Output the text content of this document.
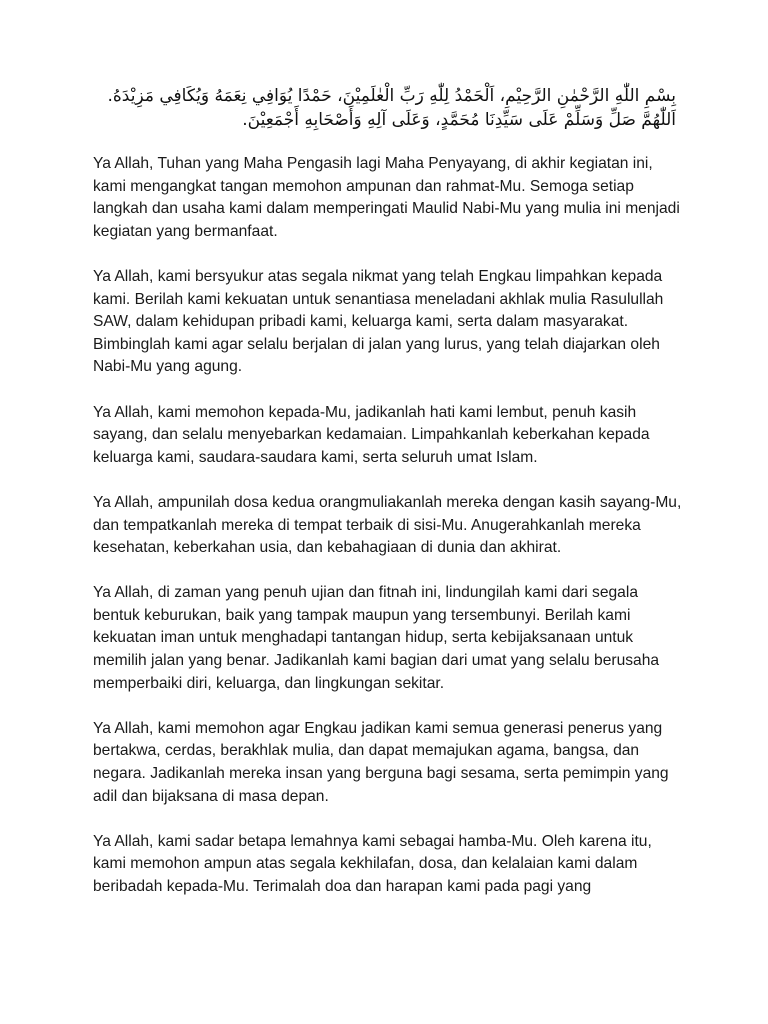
بِسْمِ اللّٰهِ الرَّحْمٰنِ الرَّحِيْمِ، اَلْحَمْدُ لِلّٰهِ رَبِّ الْعٰلَمِيْنَ، حَمْدًا يُوَافِي نِعَمَهُ وَيُكَافِي مَزِيْدَهُ. اَللّٰهُمَّ صَلِّ وَسَلِّمْ عَلَى سَيِّدِنَا مُحَمَّدٍ، وَعَلَى آلِهِ وَأَصْحَابِهِ أَجْمَعِيْنَ.

Ya Allah, Tuhan yang Maha Pengasih lagi Maha Penyayang, di akhir kegiatan ini, kami mengangkat tangan memohon ampunan dan rahmat-Mu. Semoga setiap langkah dan usaha kami dalam memperingati Maulid Nabi-Mu yang mulia ini menjadi kegiatan yang bermanfaat.

Ya Allah, kami bersyukur atas segala nikmat yang telah Engkau limpahkan kepada kami. Berilah kami kekuatan untuk senantiasa meneladani akhlak mulia Rasulullah SAW, dalam kehidupan pribadi kami, keluarga kami, serta dalam masyarakat. Bimbinglah kami agar selalu berjalan di jalan yang lurus, yang telah diajarkan oleh Nabi-Mu yang agung.

Ya Allah, kami memohon kepada-Mu, jadikanlah hati kami lembut, penuh kasih sayang, dan selalu menyebarkan kedamaian. Limpahkanlah keberkahan kepada keluarga kami, saudara-saudara kami, serta seluruh umat Islam.

Ya Allah, ampunilah dosa kedua orangmuliakanlah mereka dengan kasih sayang-Mu, dan tempatkanlah mereka di tempat terbaik di sisi-Mu. Anugerahkanlah mereka kesehatan, keberkahan usia, dan kebahagiaan di dunia dan akhirat.

Ya Allah, di zaman yang penuh ujian dan fitnah ini, lindungilah kami dari segala bentuk keburukan, baik yang tampak maupun yang tersembunyi. Berilah kami kekuatan iman untuk menghadapi tantangan hidup, serta kebijaksanaan untuk memilih jalan yang benar. Jadikanlah kami bagian dari umat yang selalu berusaha memperbaiki diri, keluarga, dan lingkungan sekitar.

Ya Allah, kami memohon agar Engkau jadikan kami semua generasi penerus yang bertakwa, cerdas, berakhlak mulia, dan dapat memajukan agama, bangsa, dan negara. Jadikanlah mereka insan yang berguna bagi sesama, serta pemimpin yang adil dan bijaksana di masa depan.

Ya Allah, kami sadar betapa lemahnya kami sebagai hamba-Mu. Oleh karena itu, kami memohon ampun atas segala kekhilafan, dosa, dan kelalaian kami dalam beribadah kepada-Mu. Terimalah doa dan harapan kami pada pagi yang
